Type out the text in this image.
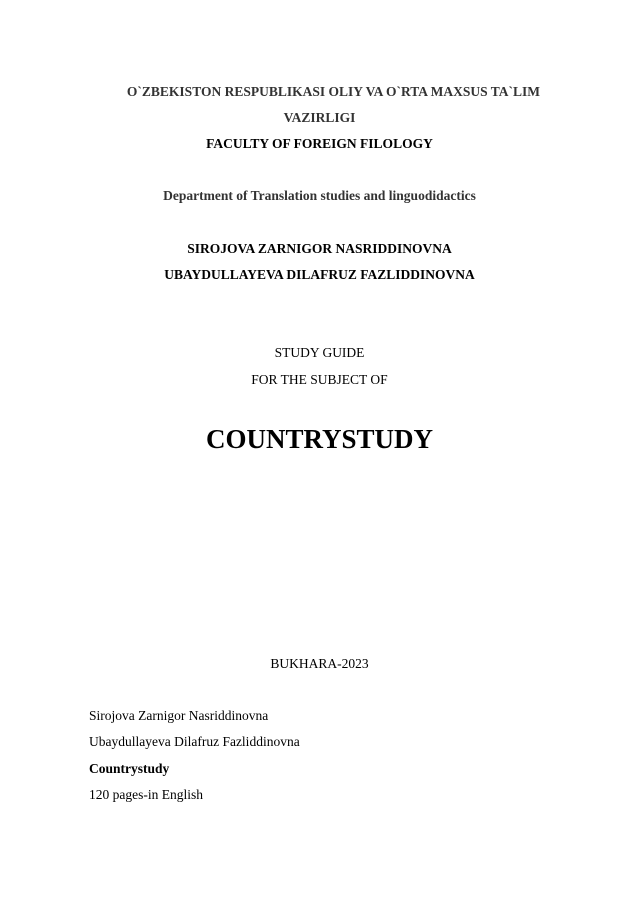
O`ZBEKISTON RESPUBLIKASI OLIY VA O`RTA MAXSUS TA`LIM
VAZIRLIGI
FACULTY OF FOREIGN FILOLOGY
Department of Translation studies and linguodidactics
SIROJOVA ZARNIGOR NASRIDDINOVNA
UBAYDULLAYEVA DILAFRUZ FAZLIDDINOVNA
STUDY GUIDE
FOR THE SUBJECT OF
COUNTRYSTUDY
BUKHARA-2023
Sirojova Zarnigor Nasriddinovna
Ubaydullayeva Dilafruz Fazliddinovna
Countrystudy
120 pages-in English
